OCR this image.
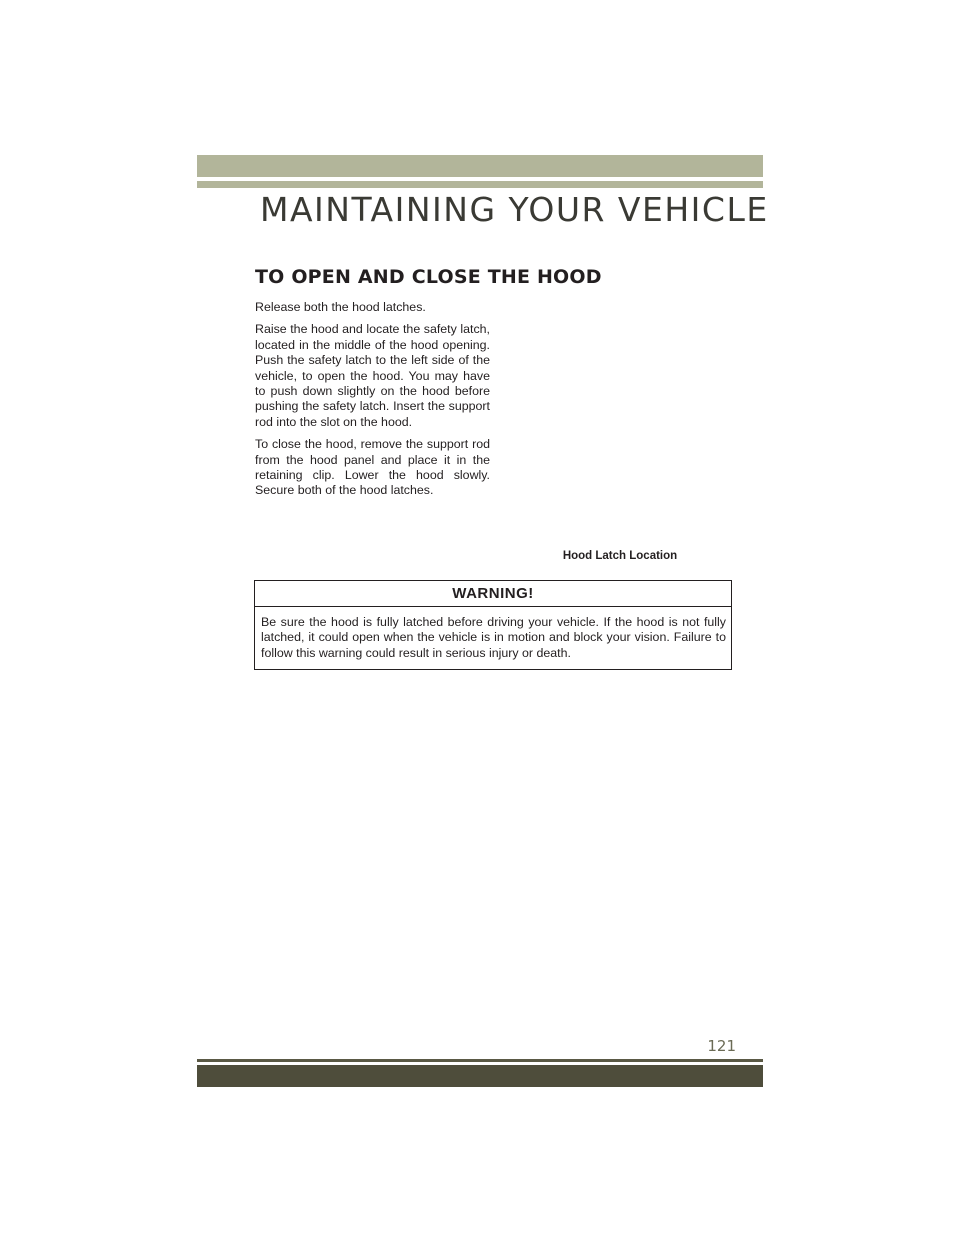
MAINTAINING YOUR VEHICLE
TO OPEN AND CLOSE THE HOOD

Release both the hood latches.

Raise the hood and locate the safety latch, located in the middle of the hood opening. Push the safety latch to the left side of the vehicle, to open the hood. You may have to push down slightly on the hood before pushing the safety latch. Insert the support rod into the slot on the hood.

To close the hood, remove the support rod from the hood panel and place it in the retaining clip. Lower the hood slowly. Secure both of the hood latches.

Hood Latch Location
WARNING!

Be sure the hood is fully latched before driving your vehicle. If the hood is not fully latched, it could open when the vehicle is in motion and block your vision. Failure to follow this warning could result in serious injury or death.

121
